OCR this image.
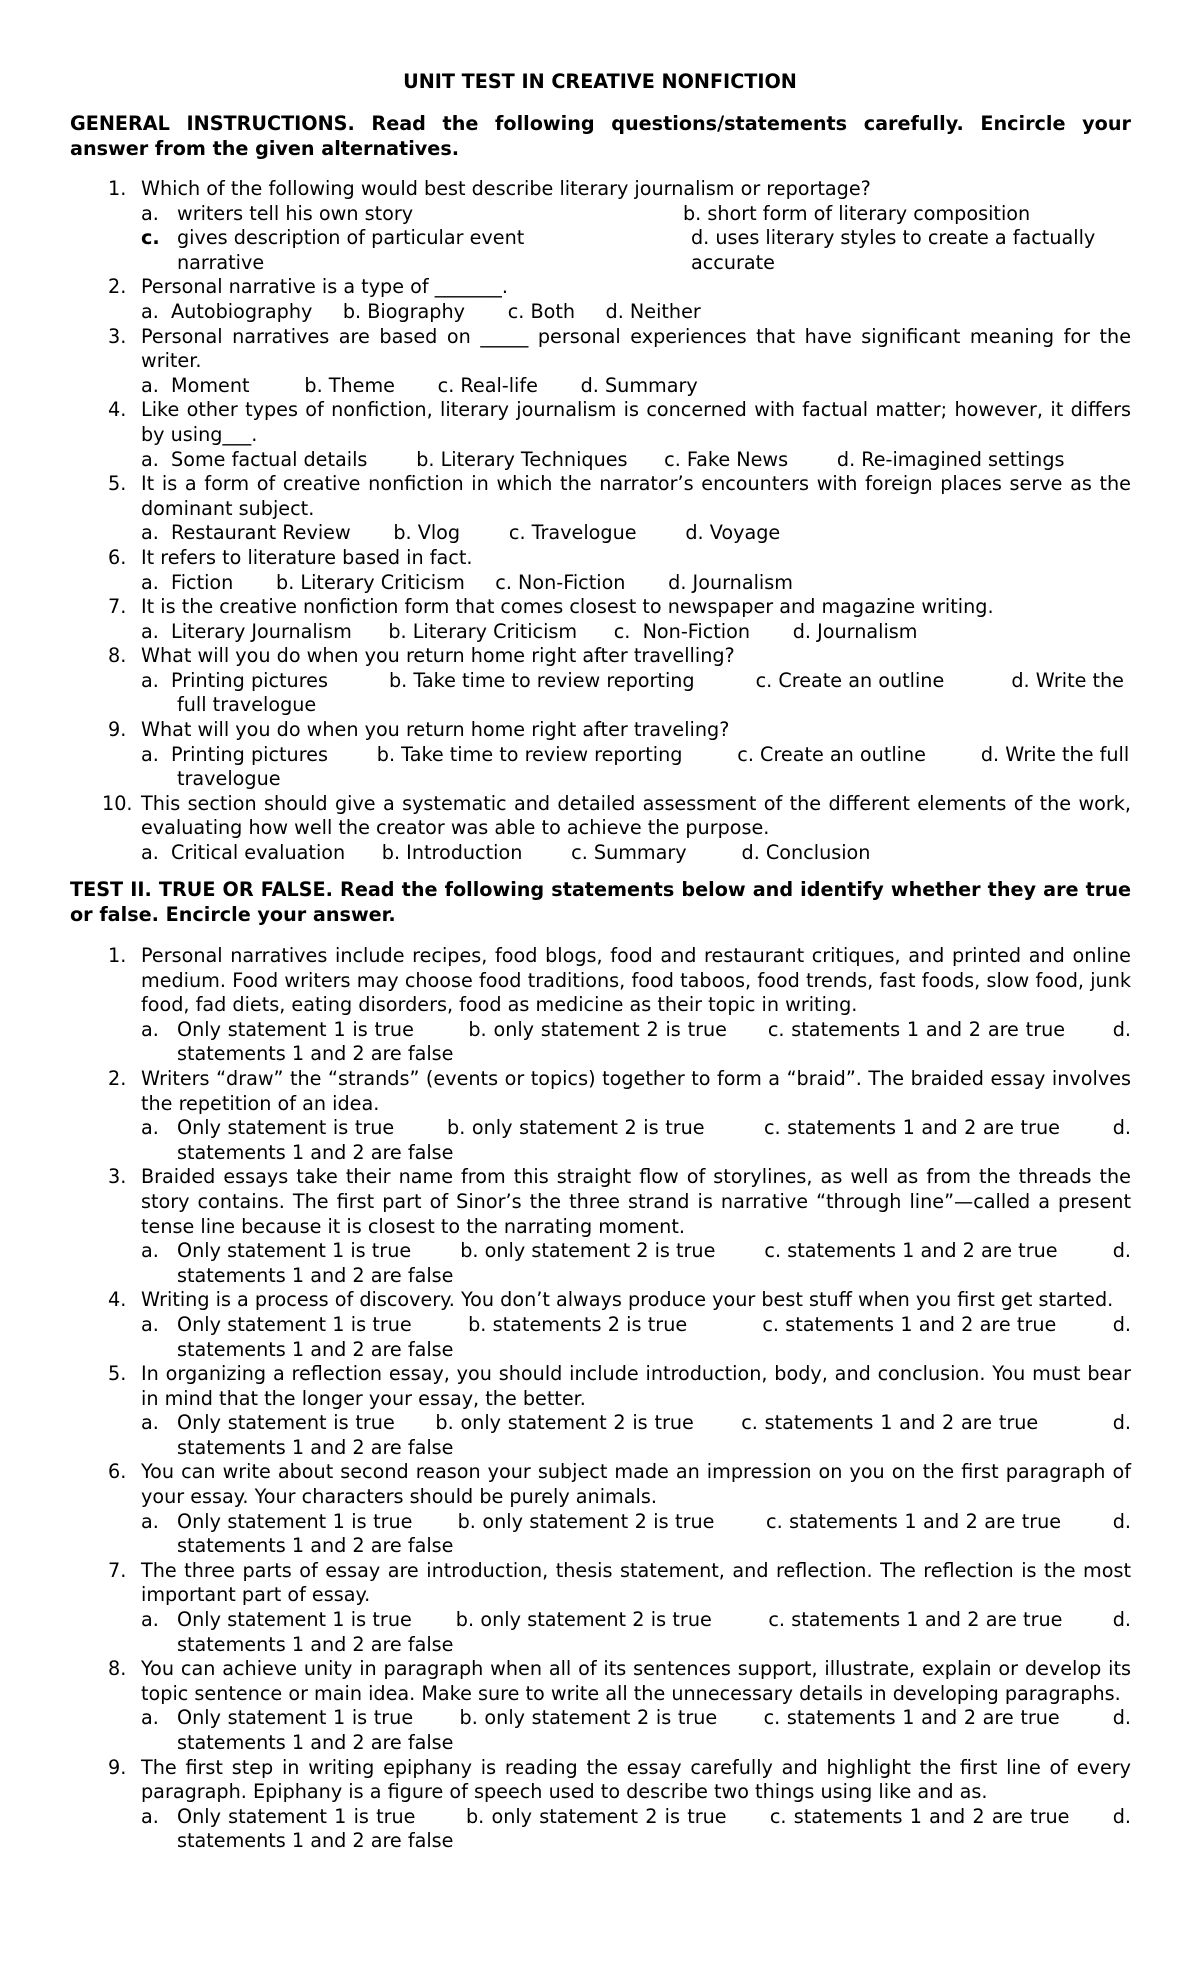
UNIT TEST IN CREATIVE NONFICTION
GENERAL INSTRUCTIONS. Read the following questions/statements carefully. Encircle your answer from the given alternatives.
1. Which of the following would best describe literary journalism or reportage?
a. writers tell his own story	b. short form of literary composition
c. gives description of particular event	d. uses literary styles to create a factually accurate
narrative
2. Personal narrative is a type of _______.
a.  Autobiography     b. Biography       c. Both     d. Neither
3. Personal narratives are based on _____ personal experiences that have significant meaning for the writer.
a.  Moment         b. Theme       c. Real-life       d. Summary
4. Like other types of nonfiction, literary journalism is concerned with factual matter; however, it differs by using___.
a.  Some factual details        b. Literary Techniques      c. Fake News        d. Re-imagined settings
5. It is a form of creative nonfiction in which the narrator’s encounters with foreign places serve as the dominant subject.
a.  Restaurant Review       b. Vlog        c. Travelogue        d. Voyage
6. It refers to literature based in fact.
a.  Fiction       b. Literary Criticism     c. Non-Fiction       d. Journalism
7. It is the creative nonfiction form that comes closest to newspaper and magazine writing.
a.  Literary Journalism      b. Literary Criticism      c.  Non-Fiction       d. Journalism
8. What will you do when you return home right after travelling?
a.  Printing pictures          b. Take time to review reporting          c. Create an outline           d. Write the
full travelogue
9. What will you do when you return home right after traveling?
a.  Printing pictures        b. Take time to review reporting         c. Create an outline         d. Write the full
travelogue
10. This section should give a systematic and detailed assessment of the different elements of the work, evaluating how well the creator was able to achieve the purpose.
a.  Critical evaluation      b. Introduction        c. Summary         d. Conclusion
TEST II. TRUE OR FALSE. Read the following statements below and identify whether they are true or false. Encircle your answer.
1. Personal narratives include recipes, food blogs, food and restaurant critiques, and printed and online medium. Food writers may choose food traditions, food taboos, food trends, fast foods, slow food, junk food, fad diets, eating disorders, food as medicine as their topic in writing.
a. Only statement 1 is true        b. only statement 2 is true      c. statements 1 and 2 are true       d. statements 1 and 2 are false
2. Writers “draw” the “strands” (events or topics) together to form a “braid”. The braided essay involves the repetition of an idea.
a. Only statement is true        b. only statement 2 is true         c. statements 1 and 2 are true        d. statements 1 and 2 are false
3. Braided essays take their name from this straight flow of storylines, as well as from the threads the story contains. The first part of Sinor’s the three strand is narrative “through line”—called a present tense line because it is closest to the narrating moment.
a. Only statement 1 is true        b. only statement 2 is true        c. statements 1 and 2 are true         d. statements 1 and 2 are false
4. Writing is a process of discovery. You don’t always produce your best stuff when you first get started.
a. Only statement 1 is true         b. statements 2 is true            c. statements 1 and 2 are true         d. statements 1 and 2 are false
5. In organizing a reflection essay, you should include introduction, body, and conclusion. You must bear in mind that the longer your essay, the better.
a. Only statement is true      b. only statement 2 is true       c. statements 1 and 2 are true           d. statements 1 and 2 are false
6. You can write about second reason your subject made an impression on you on the first paragraph of your essay. Your characters should be purely animals.
a. Only statement 1 is true       b. only statement 2 is true        c. statements 1 and 2 are true        d. statements 1 and 2 are false
7. The three parts of essay are introduction, thesis statement, and reflection. The reflection is the most important part of essay.
a. Only statement 1 is true       b. only statement 2 is true         c. statements 1 and 2 are true        d. statements 1 and 2 are false
8. You can achieve unity in paragraph when all of its sentences support, illustrate, explain or develop its topic sentence or main idea. Make sure to write all the unnecessary details in developing paragraphs.
a. Only statement 1 is true       b. only statement 2 is true       c. statements 1 and 2 are true        d. statements 1 and 2 are false
9. The first step in writing epiphany is reading the essay carefully and highlight the first line of every paragraph. Epiphany is a figure of speech used to describe two things using like and as.
a. Only statement 1 is true       b. only statement 2 is true      c. statements 1 and 2 are true      d. statements 1 and 2 are false
